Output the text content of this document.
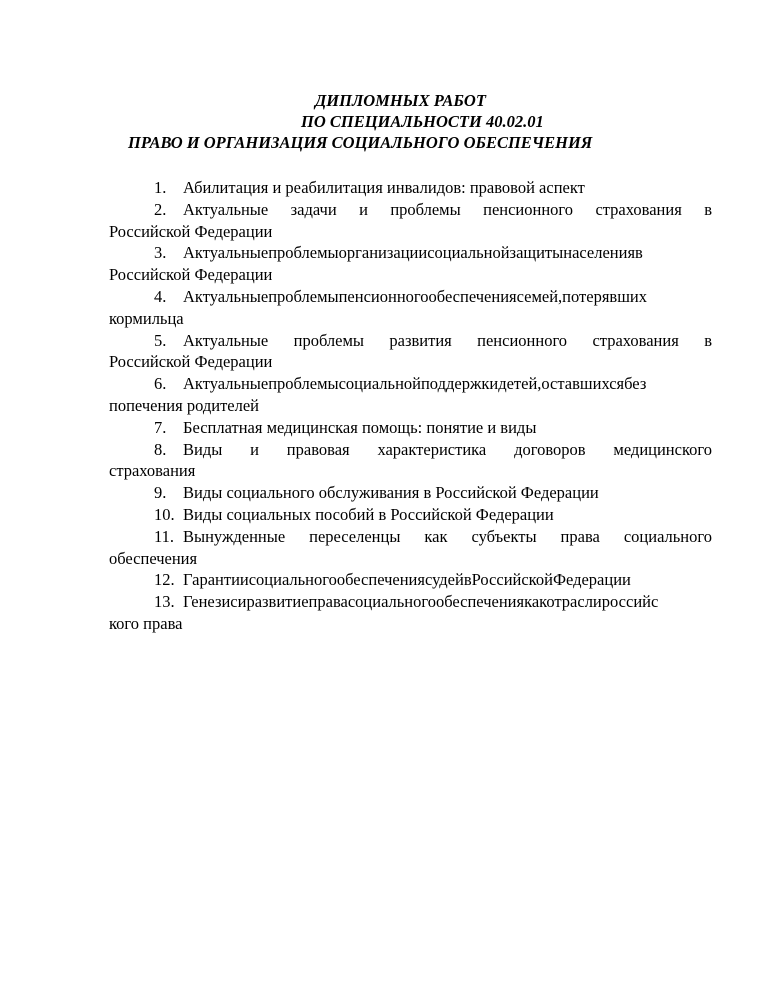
ДИПЛОМНЫХ РАБОТ
ПО СПЕЦИАЛЬНОСТИ 40.02.01
ПРАВО И ОРГАНИЗАЦИЯ СОЦИАЛЬНОГО ОБЕСПЕЧЕНИЯ
1. Абилитация и реабилитация инвалидов: правовой аспект
2. Актуальные задачи и проблемы пенсионного страхования в
Российской Федерации
3. Актуальныепроблемыорганизациисоциальнойзащитынаселенияв
Российской Федерации
4. Актуальныепроблемыпенсионногообеспечениясемей,потерявших
кормильца
5. Актуальные проблемы развития пенсионного страхования в
Российской Федерации
6. Актуальныепроблемысоциальнойподдержкидетей,оставшихсябез
попечения родителей
7. Бесплатная медицинская помощь: понятие и виды
8. Виды и правовая характеристика договоров медицинского
страхования
9. Виды социального обслуживания в Российской Федерации
10. Виды социальных пособий в Российской Федерации
11. Вынужденные переселенцы как субъекты права социального
обеспечения
12. ГарантиисоциальногообеспечениясудейвРоссийскойФедерации
13. Генезисиразвитиеправасоциальногообеспечениякакотраслироссийс
кого права
